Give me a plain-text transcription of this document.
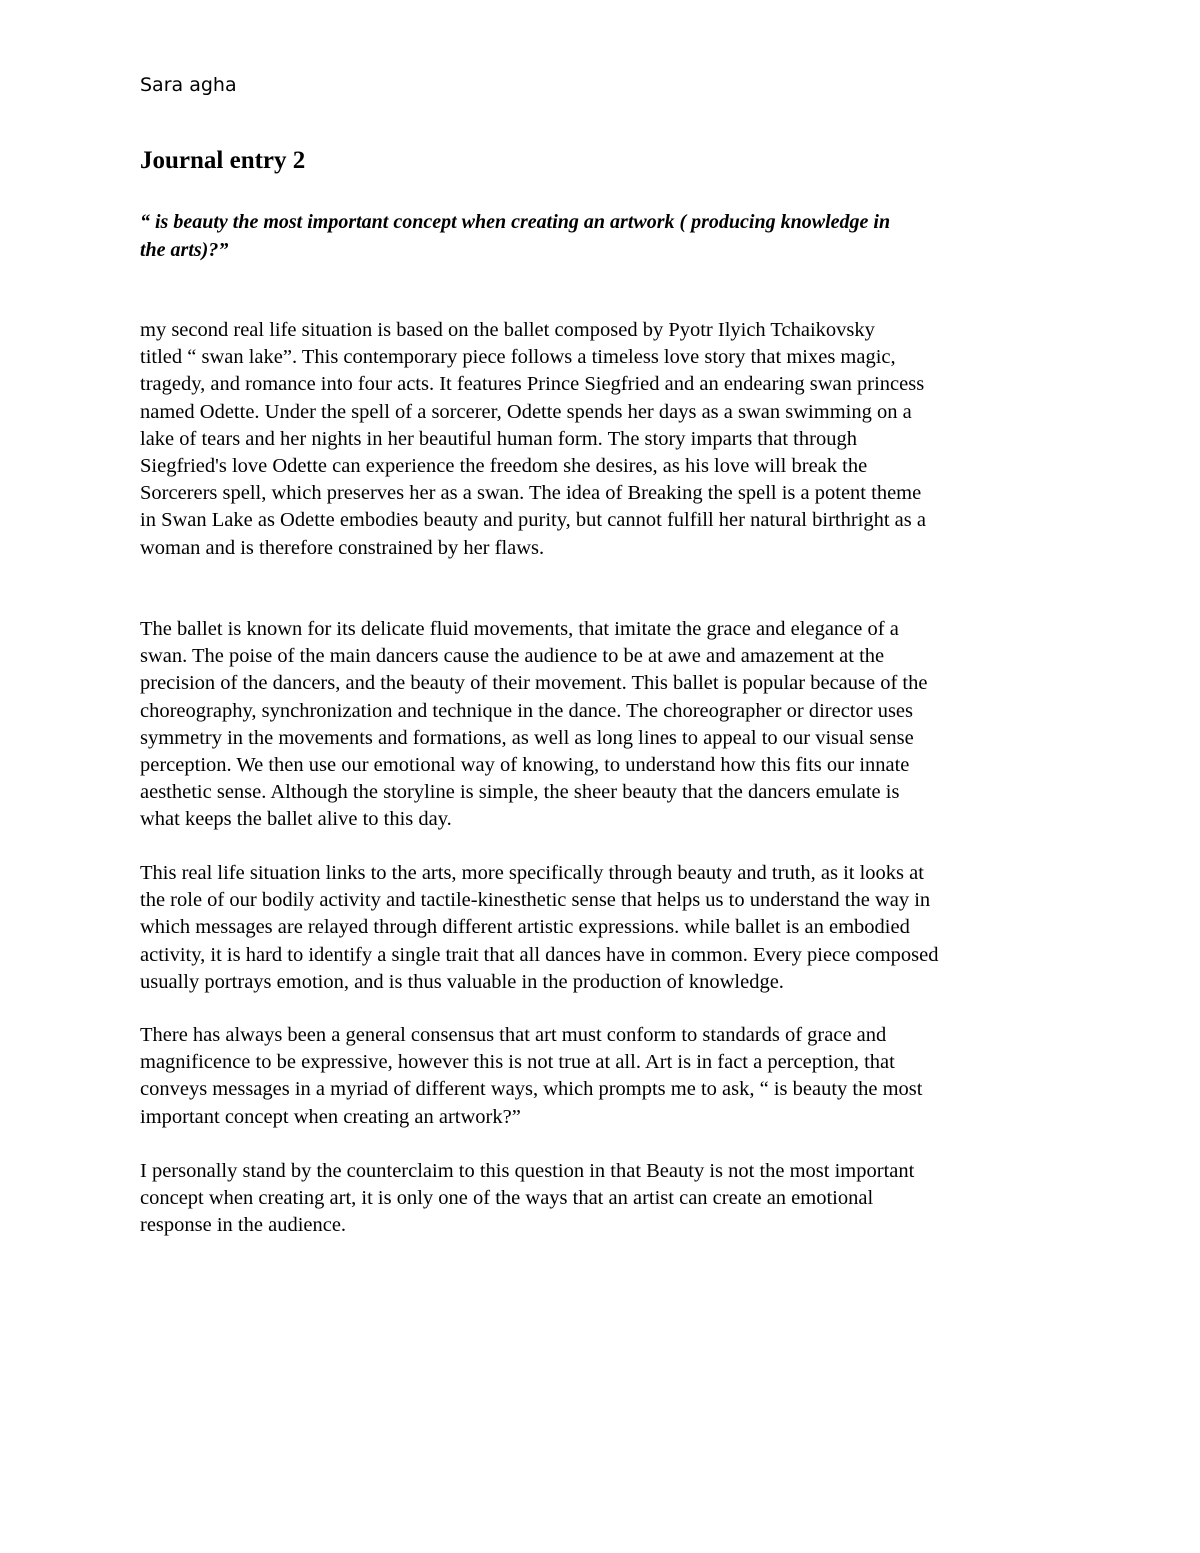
Sara agha
Journal entry 2
“ is beauty the most important concept when creating an artwork ( producing knowledge in
the arts)?”
my second real life situation is based on the ballet composed by Pyotr Ilyich Tchaikovsky
titled “ swan lake”. This contemporary piece follows a timeless love story that mixes magic,
tragedy, and romance into four acts. It features Prince Siegfried and an endearing swan princess
named Odette. Under the spell of a sorcerer, Odette spends her days as a swan swimming on a
lake of tears and her nights in her beautiful human form. The story imparts that through
Siegfried's love Odette can experience the freedom she desires, as his love will break the
Sorcerers spell, which preserves her as a swan. The idea of Breaking the spell is a potent theme
in Swan Lake as Odette embodies beauty and purity, but cannot fulfill her natural birthright as a
woman and is therefore constrained by her flaws.
The ballet is known for its delicate fluid movements, that imitate the grace and elegance of a
swan. The poise of the main dancers cause the audience to be at awe and amazement at the
precision of the dancers, and the beauty of their movement. This ballet is popular because of the
choreography, synchronization and technique in the dance. The choreographer or director uses
symmetry in the movements and formations, as well as long lines to appeal to our visual sense
perception. We then use our emotional way of knowing, to understand how this fits our innate
aesthetic sense. Although the storyline is simple, the sheer beauty that the dancers emulate is
what keeps the ballet alive to this day.
This real life situation links to the arts, more specifically through beauty and truth, as it looks at
the role of our bodily activity and tactile-kinesthetic sense that helps us to understand the way in
which messages are relayed through different artistic expressions. while ballet is an embodied
activity, it is hard to identify a single trait that all dances have in common. Every piece composed
usually portrays emotion, and is thus valuable in the production of knowledge.
There has always been a general consensus that art must conform to standards of grace and
magnificence to be expressive, however this is not true at all. Art is in fact a perception, that
conveys messages in a myriad of different ways, which prompts me to ask, “ is beauty the most
important concept when creating an artwork?”
I personally stand by the counterclaim to this question in that Beauty is not the most important
concept when creating art, it is only one of the ways that an artist can create an emotional
response in the audience.
